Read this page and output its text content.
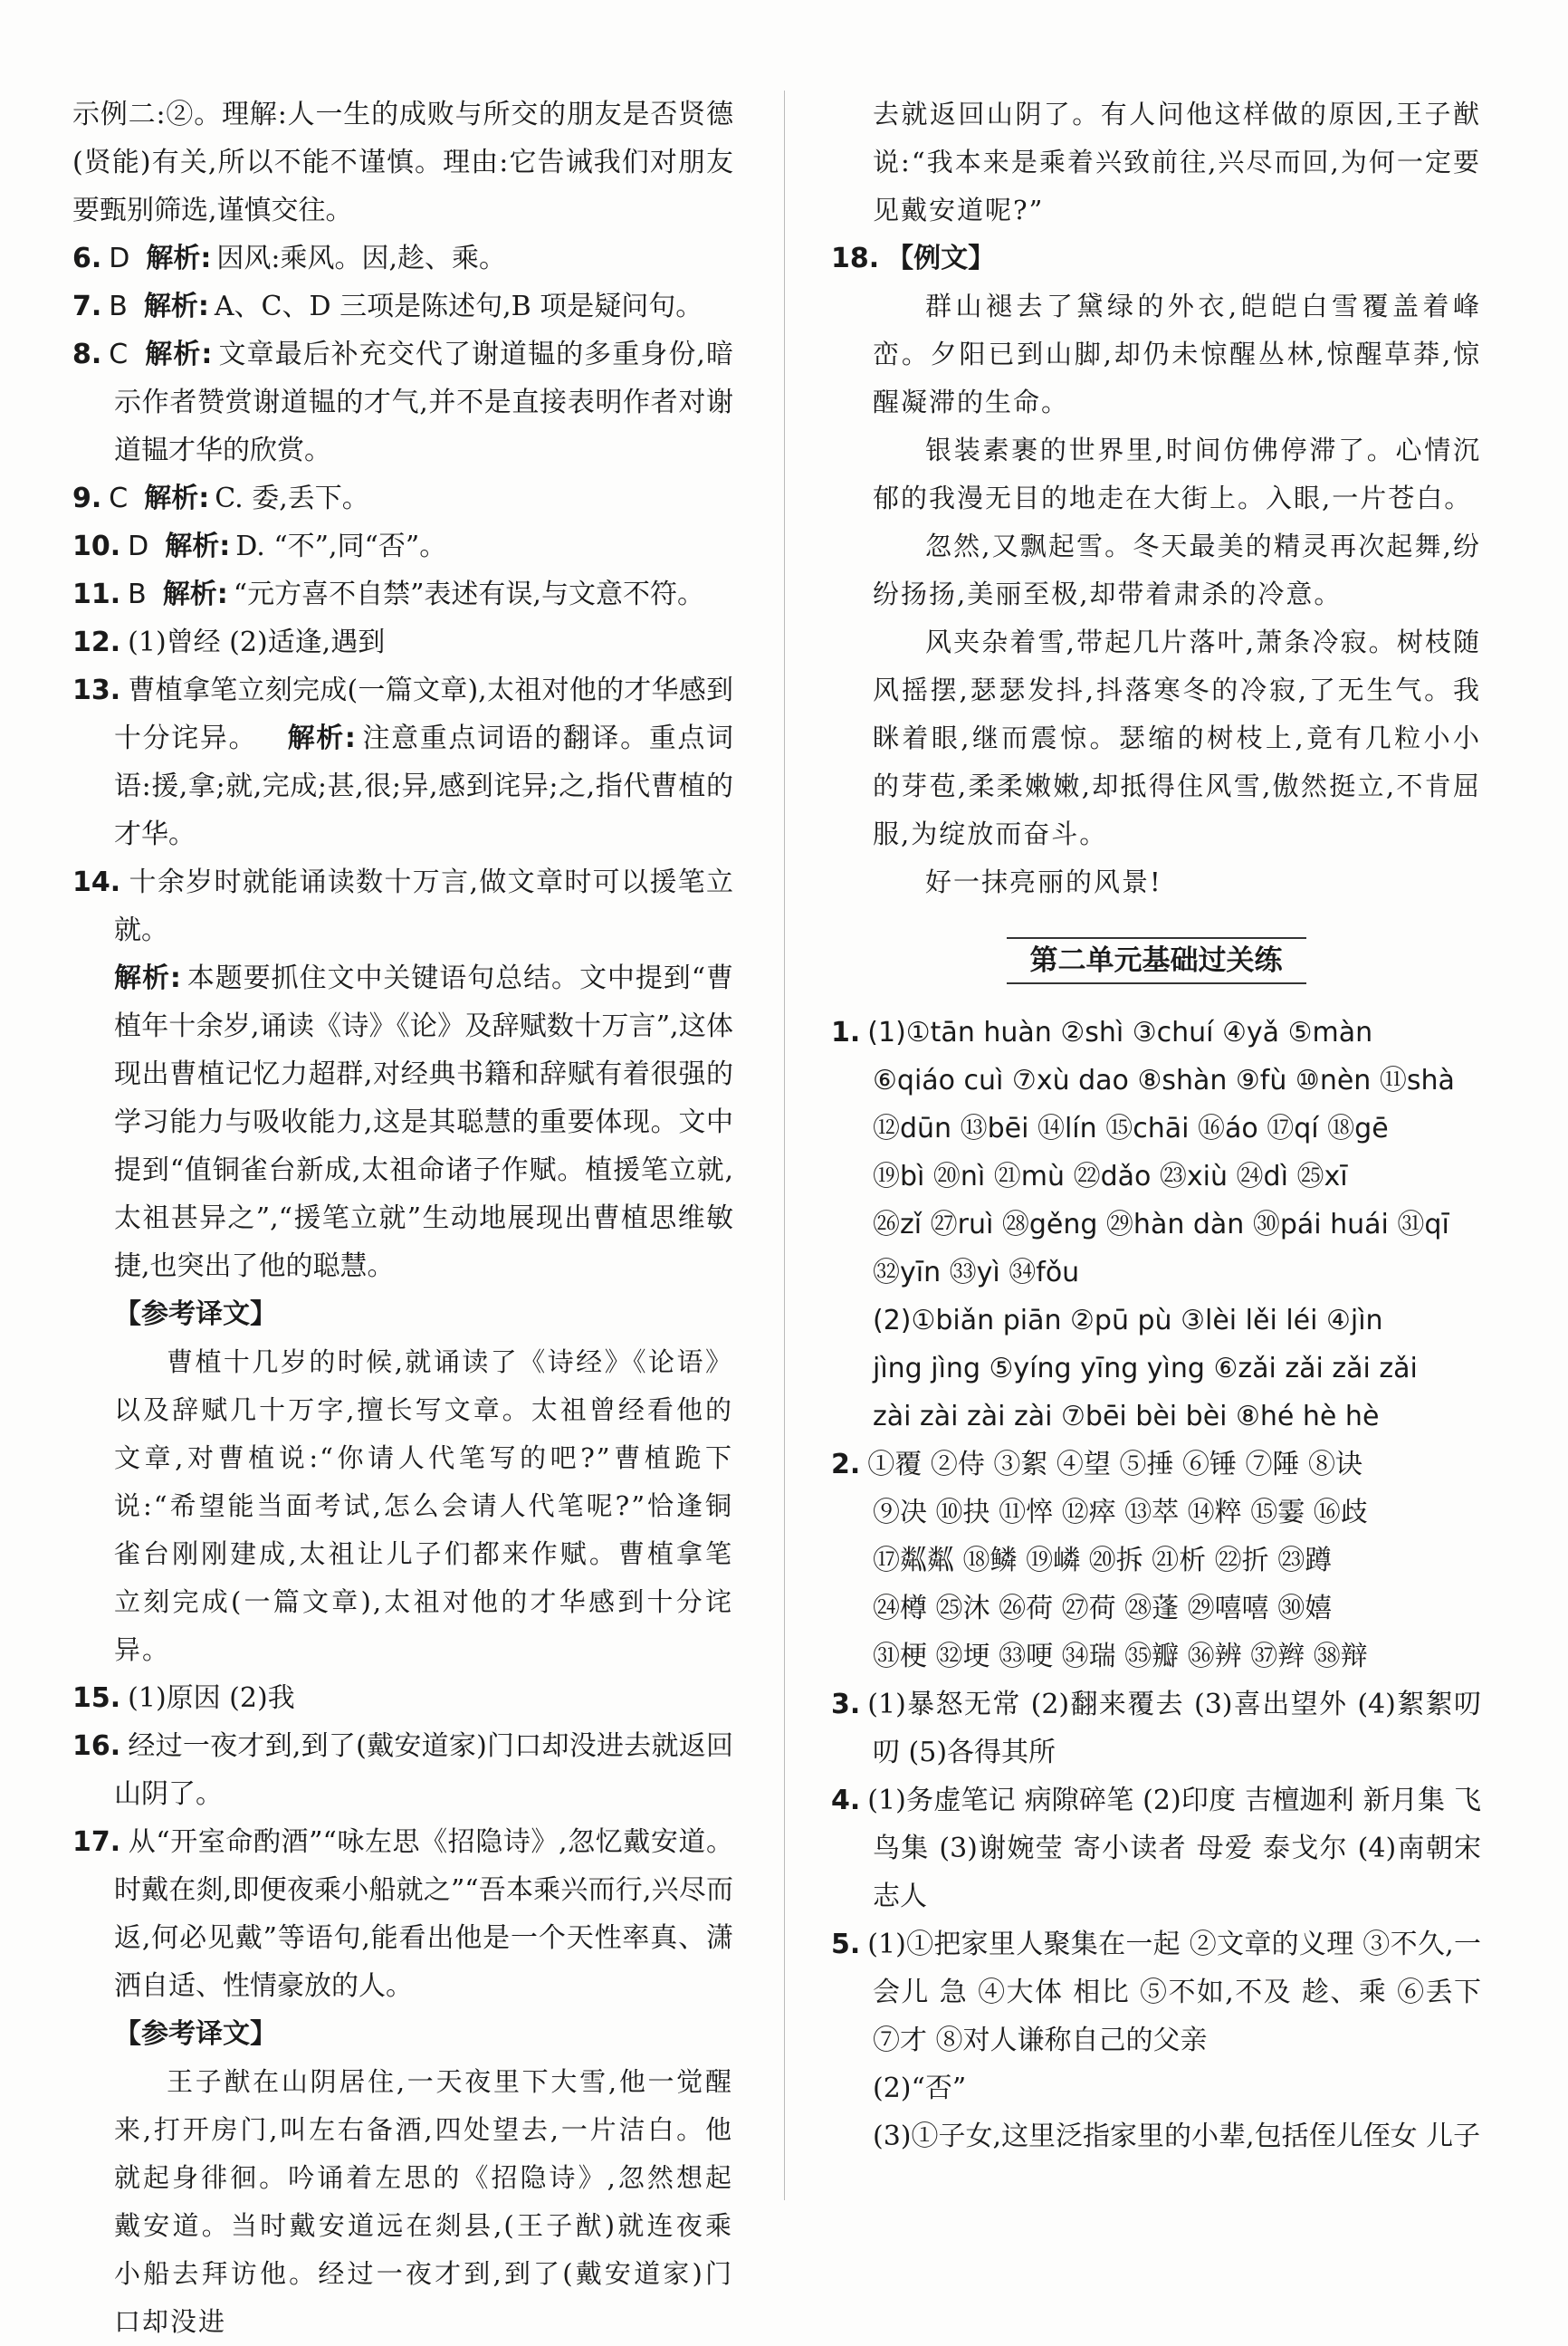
示例二:②。理解:人一生的成败与所交的朋友是否贤德(贤能)有关,所以不能不谨慎。理由:它告诫我们对朋友要甄别筛选,谨慎交往。

6. D 解析: 因风:乘风。因,趁、乘。

7. B 解析: A、C、D 三项是陈述句,B 项是疑问句。

8. C 解析: 文章最后补充交代了谢道韫的多重身份,暗示作者赞赏谢道韫的才气,并不是直接表明作者对谢道韫才华的欣赏。

9. C 解析: C. 委,丢下。

10. D 解析: D. “不”,同“否”。

11. B 解析: “元方喜不自禁”表述有误,与文意不符。

12. (1)曾经 (2)适逢,遇到

13. 曹植拿笔立刻完成(一篇文章),太祖对他的才华感到十分诧异。 解析: 注意重点词语的翻译。重点词语:援,拿;就,完成;甚,很;异,感到诧异;之,指代曹植的才华。

14. 十余岁时就能诵读数十万言,做文章时可以援笔立就。

解析: 本题要抓住文中关键语句总结。文中提到“曹植年十余岁,诵读《诗》《论》及辞赋数十万言”,这体现出曹植记忆力超群,对经典书籍和辞赋有着很强的学习能力与吸收能力,这是其聪慧的重要体现。文中提到“值铜雀台新成,太祖命诸子作赋。植援笔立就,太祖甚异之”,“援笔立就”生动地展现出曹植思维敏捷,也突出了他的聪慧。

【参考译文】

曹植十几岁的时候,就诵读了《诗经》《论语》以及辞赋几十万字,擅长写文章。太祖曾经看他的文章,对曹植说:“你请人代笔写的吧?”曹植跪下说:“希望能当面考试,怎么会请人代笔呢?”恰逢铜雀台刚刚建成,太祖让儿子们都来作赋。曹植拿笔立刻完成(一篇文章),太祖对他的才华感到十分诧异。

15. (1)原因 (2)我

16. 经过一夜才到,到了(戴安道家)门口却没进去就返回山阴了。

17. 从“开室命酌酒”“咏左思《招隐诗》,忽忆戴安道。时戴在剡,即便夜乘小船就之”“吾本乘兴而行,兴尽而返,何必见戴”等语句,能看出他是一个天性率真、潇洒自适、性情豪放的人。

【参考译文】

王子猷在山阴居住,一天夜里下大雪,他一觉醒来,打开房门,叫左右备酒,四处望去,一片洁白。他就起身徘徊。吟诵着左思的《招隐诗》,忽然想起戴安道。当时戴安道远在剡县,(王子猷)就连夜乘小船去拜访他。经过一夜才到,到了(戴安道家)门口却没进

去就返回山阴了。有人问他这样做的原因,王子猷说:“我本来是乘着兴致前往,兴尽而回,为何一定要见戴安道呢?”

18. 【例文】

群山褪去了黛绿的外衣,皑皑白雪覆盖着峰峦。夕阳已到山脚,却仍未惊醒丛林,惊醒草莽,惊醒凝滞的生命。

银装素裹的世界里,时间仿佛停滞了。心情沉郁的我漫无目的地走在大街上。入眼,一片苍白。

忽然,又飘起雪。冬天最美的精灵再次起舞,纷纷扬扬,美丽至极,却带着肃杀的冷意。

风夹杂着雪,带起几片落叶,萧条冷寂。树枝随风摇摆,瑟瑟发抖,抖落寒冬的冷寂,了无生气。我眯着眼,继而震惊。瑟缩的树枝上,竟有几粒小小的芽苞,柔柔嫩嫩,却抵得住风雪,傲然挺立,不肯屈服,为绽放而奋斗。

好一抹亮丽的风景!

第二单元基础过关练

1. (1)①tān huàn ②shì ③chuí ④yǎ ⑤màn

⑥qiáo cuì ⑦xù dao ⑧shàn ⑨fù ⑩nèn ⑪shà

⑫dūn ⑬bēi ⑭lín ⑮chāi ⑯áo ⑰qí ⑱gē

⑲bì ⑳nì ㉑mù ㉒dǎo ㉓xiù ㉔dì ㉕xī

㉖zǐ ㉗ruì ㉘gěng ㉙hàn dàn ㉚pái huái ㉛qī

㉜yīn ㉝yì ㉞fǒu

(2)①biǎn piān ②pū pù ③lèi lěi léi ④jìn

jìng jìng ⑤yíng yīng yìng ⑥zǎi zǎi zǎi zǎi

zài zài zài zài ⑦bēi bèi bèi ⑧hé hè hè

2. ①覆 ②侍 ③絮 ④望 ⑤捶 ⑥锤 ⑦陲 ⑧诀

⑨决 ⑩抉 ⑪悴 ⑫瘁 ⑬萃 ⑭粹 ⑮霎 ⑯歧

⑰粼粼 ⑱鳞 ⑲嶙 ⑳拆 ㉑析 ㉒折 ㉓蹲

㉔樽 ㉕沐 ㉖荷 ㉗荷 ㉘蓬 ㉙嘻嘻 ㉚嬉

㉛梗 ㉜埂 ㉝哽 ㉞瑞 ㉟瓣 ㊱辨 ㊲辫 ㊳辩

3. (1)暴怒无常 (2)翻来覆去 (3)喜出望外 (4)絮絮叨叨 (5)各得其所

4. (1)务虚笔记 病隙碎笔 (2)印度 吉檀迦利 新月集 飞鸟集 (3)谢婉莹 寄小读者 母爱 泰戈尔 (4)南朝宋 志人

5. (1)①把家里人聚集在一起 ②文章的义理 ③不久,一会儿 急 ④大体 相比 ⑤不如,不及 趁、乘 ⑥丢下 ⑦才 ⑧对人谦称自己的父亲

(2)“否”

(3)①子女,这里泛指家里的小辈,包括侄儿侄女 儿子
